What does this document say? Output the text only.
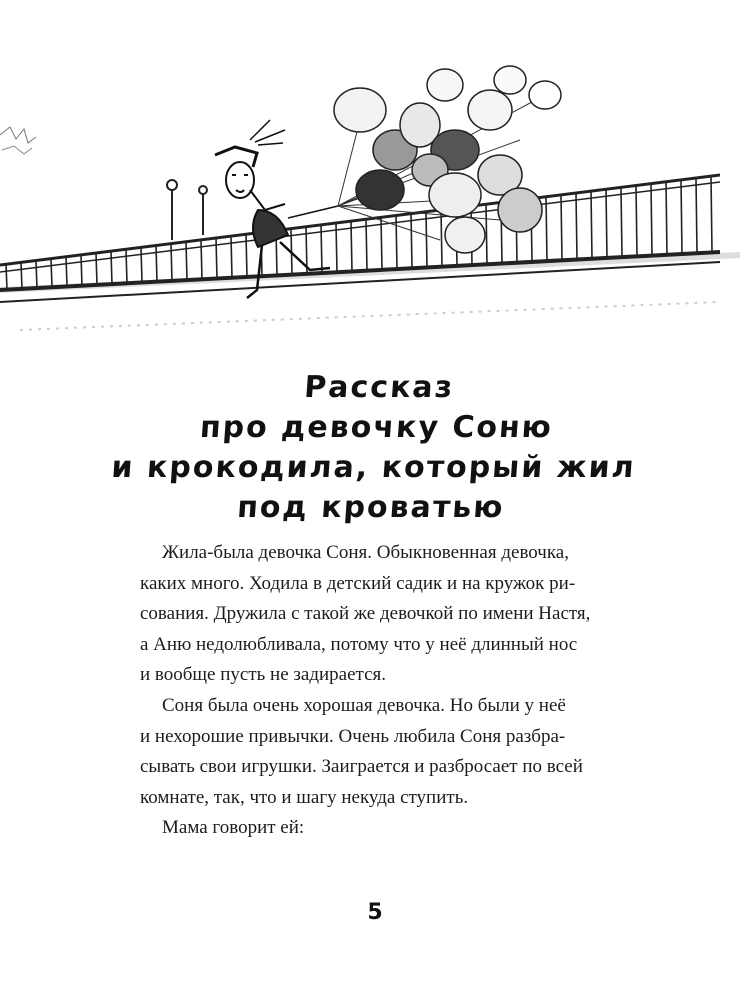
Рассказ
про девочку Соню
и крокодила, который жил
под кроватью

Жила-была девочка Соня. Обыкновенная девочка,
каких много. Ходила в детский садик и на кружок ри-
сования. Дружила с такой же девочкой по имени Настя,
а Аню недолюбливала, потому что у неё длинный нос
и вообще пусть не задирается.

Соня была очень хорошая девочка. Но были у неё
и нехорошие привычки. Очень любила Соня разбра-
сывать свои игрушки. Заиграется и разбросает по всей
комнате, так, что и шагу некуда ступить.

Мама говорит ей:

5
